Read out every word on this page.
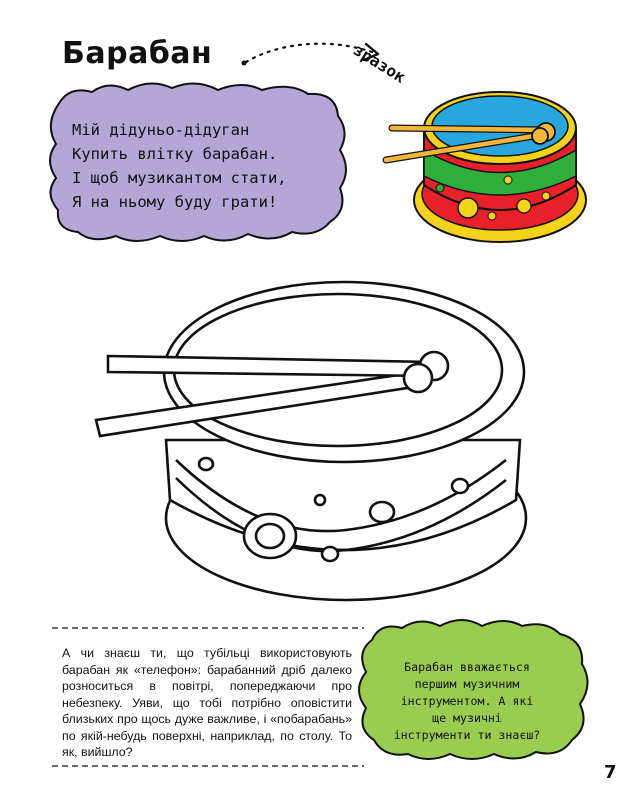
Барабан	зразок
Мій дідуньо-дідуган
Купить влітку барабан.
І щоб музикантом стати,
Я на ньому буду грати!
А чи знаєш ти, що тубільці використовують барабан як «телефон»: барабанний дріб далеко розноситься в повітрі, попереджаючи про небезпеку. Уяви, що тобі потрібно оповістити близьких про щось дуже важливе, і «побарабань» по якій-небудь поверхні, наприклад, по столу. То як, вийшло?
Барабан вважається першим музичним інструментом. А які ще музичні інструменти ти знаєш?
7
